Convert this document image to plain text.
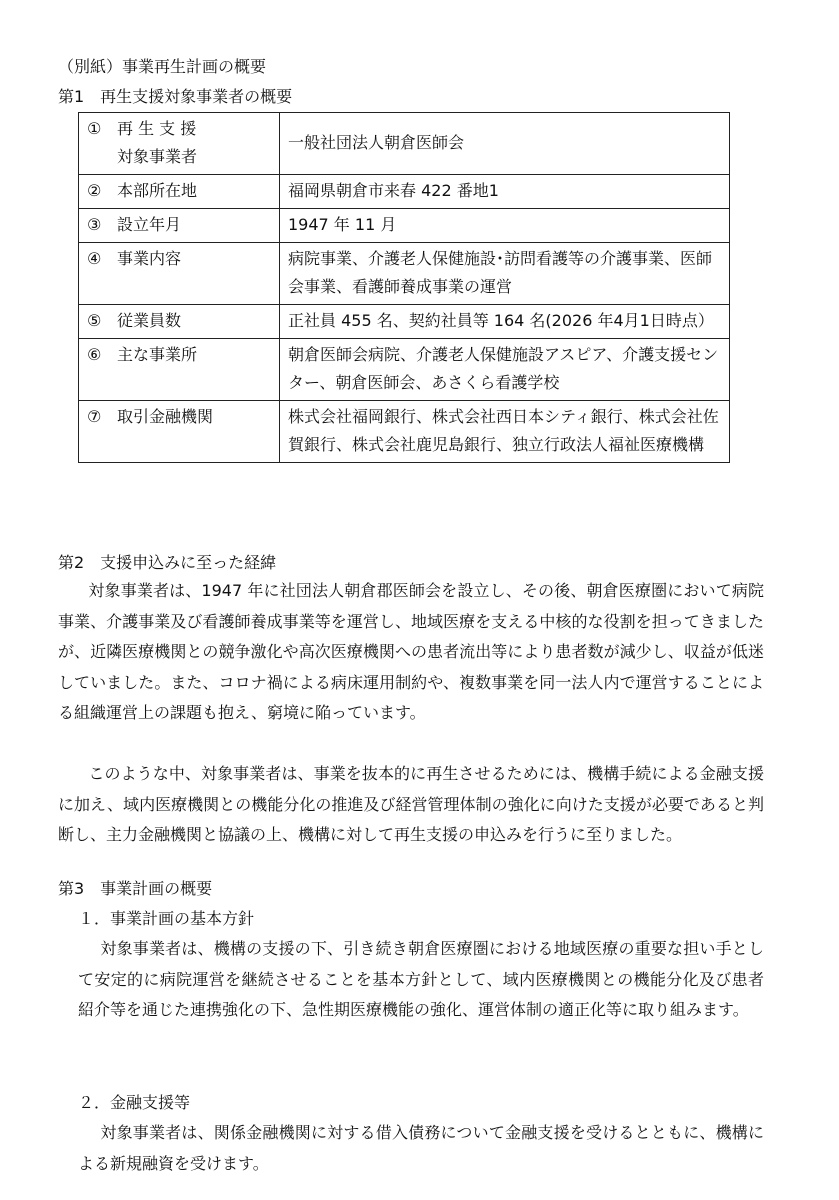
（別紙）事業再生計画の概要
第1　再生支援対象事業者の概要
① 再 生 支 援
対象事業者	一般社団法人朝倉医師会
② 本部所在地	福岡県朝倉市来春 422 番地1
③ 設立年月	1947 年 11 月
④ 事業内容	病院事業、介護老人保健施設･訪問看護等の介護事業、医師会事業、看護師養成事業の運営
⑤ 従業員数	正社員 455 名、契約社員等 164 名(2026 年4月1日時点）
⑥ 主な事業所	朝倉医師会病院、介護老人保健施設アスピア、介護支援センター、朝倉医師会、あさくら看護学校
⑦ 取引金融機関	株式会社福岡銀行、株式会社西日本シティ銀行、株式会社佐賀銀行、株式会社鹿児島銀行、独立行政法人福祉医療機構
第2　支援申込みに至った経緯

対象事業者は、1947 年に社団法人朝倉郡医師会を設立し、その後、朝倉医療圏において病院事業、介護事業及び看護師養成事業等を運営し、地域医療を支える中核的な役割を担ってきましたが、近隣医療機関との競争激化や高次医療機関への患者流出等により患者数が減少し、収益が低迷していました。また、コロナ禍による病床運用制約や、複数事業を同一法人内で運営することによる組織運営上の課題も抱え、窮境に陥っています。

このような中、対象事業者は、事業を抜本的に再生させるためには、機構手続による金融支援に加え、域内医療機関との機能分化の推進及び経営管理体制の強化に向けた支援が必要であると判断し、主力金融機関と協議の上、機構に対して再生支援の申込みを行うに至りました。

第3　事業計画の概要
１．事業計画の基本方針

対象事業者は、機構の支援の下、引き続き朝倉医療圏における地域医療の重要な担い手として安定的に病院運営を継続させることを基本方針として、域内医療機関との機能分化及び患者紹介等を通じた連携強化の下、急性期医療機能の強化、運営体制の適正化等に取り組みます。

２．金融支援等

対象事業者は、関係金融機関に対する借入債務について金融支援を受けるとともに、機構による新規融資を受けます。
